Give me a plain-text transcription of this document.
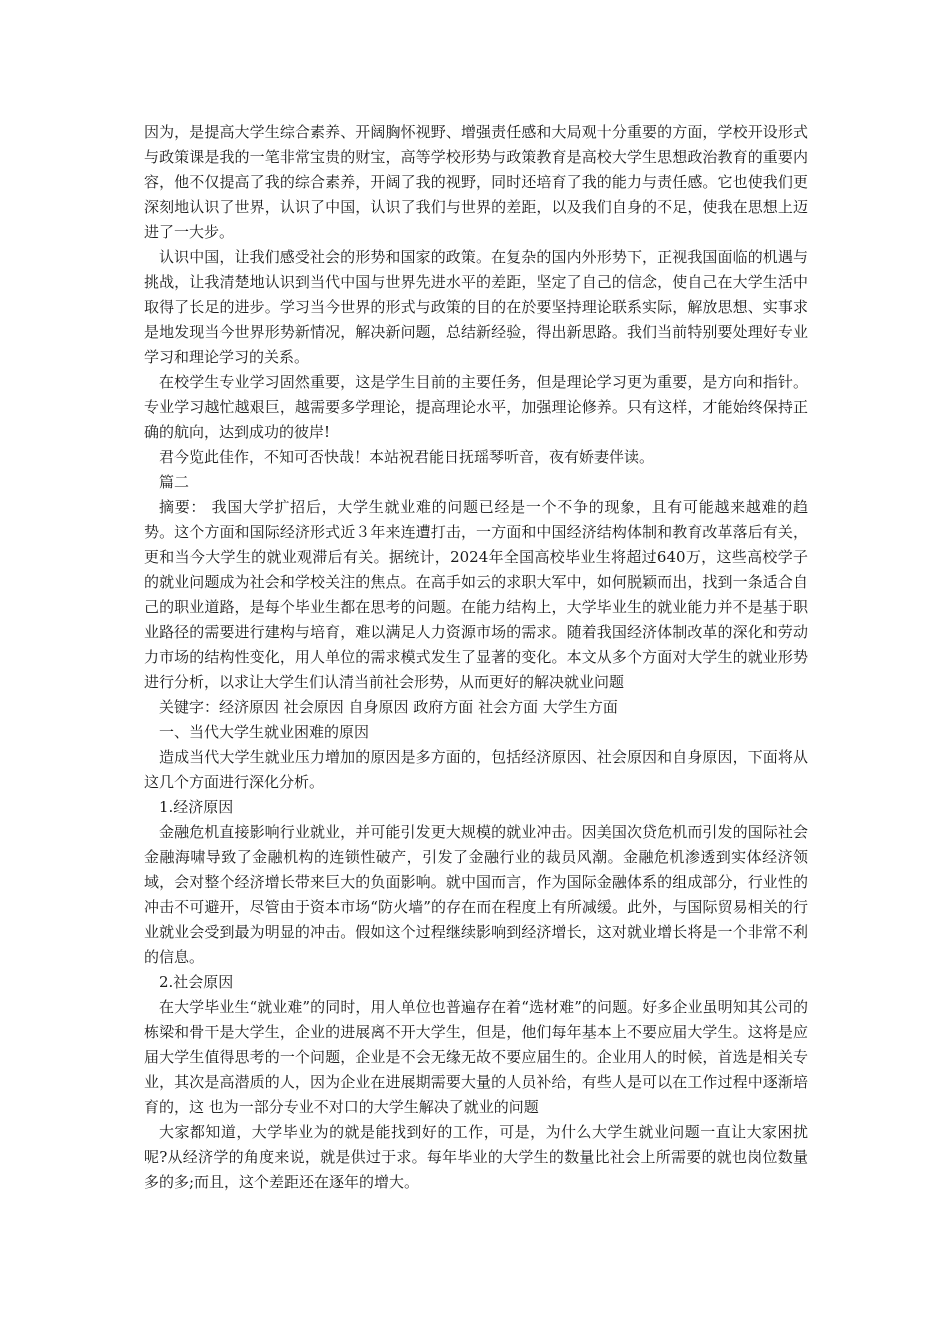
因为，是提高大学生综合素养、开阔胸怀视野、增强责任感和大局观十分重要的方面，学校开设形式与政策课是我的一笔非常宝贵的财宝，高等学校形势与政策教育是高校大学生思想政治教育的重要内容，他不仅提高了我的综合素养，开阔了我的视野，同时还培育了我的能力与责任感。它也使我们更深刻地认识了世界，认识了中国，认识了我们与世界的差距，以及我们自身的不足，使我在思想上迈进了一大步。

认识中国，让我们感受社会的形势和国家的政策。在复杂的国内外形势下，正视我国面临的机遇与挑战，让我清楚地认识到当代中国与世界先进水平的差距，坚定了自己的信念，使自己在大学生活中取得了长足的进步。学习当今世界的形式与政策的目的在於要坚持理论联系实际，解放思想、实事求是地发现当今世界形势新情况，解决新问题，总结新经验，得出新思路。我们当前特别要处理好专业学习和理论学习的关系。

在校学生专业学习固然重要，这是学生目前的主要任务，但是理论学习更为重要，是方向和指针。专业学习越忙越艰巨，越需要多学理论，提高理论水平，加强理论修养。只有这样，才能始终保持正确的航向，达到成功的彼岸!

君今览此佳作，不知可否快哉！本站祝君能日抚瑶琴听音，夜有娇妻伴读。

篇二

摘要： 我国大学扩招后，大学生就业难的问题已经是一个不争的现象，且有可能越来越难的趋势。这个方面和国际经济形式近３年来连遭打击，一方面和中国经济结构体制和教育改革落后有关，更和当今大学生的就业观滞后有关。据统计，2024年全国高校毕业生将超过640万，这些高校学子的就业问题成为社会和学校关注的焦点。在高手如云的求职大军中，如何脱颖而出，找到一条适合自己的职业道路，是每个毕业生都在思考的问题。在能力结构上，大学毕业生的就业能力并不是基于职业路径的需要进行建构与培育，难以满足人力资源市场的需求。随着我国经济体制改革的深化和劳动力市场的结构性变化，用人单位的需求模式发生了显著的变化。本文从多个方面对大学生的就业形势进行分析，以求让大学生们认清当前社会形势，从而更好的解决就业问题

关键字：经济原因 社会原因 自身原因 政府方面 社会方面 大学生方面

一、当代大学生就业困难的原因

造成当代大学生就业压力增加的原因是多方面的，包括经济原因、社会原因和自身原因，下面将从这几个方面进行深化分析。

1.经济原因

金融危机直接影响行业就业，并可能引发更大规模的就业冲击。因美国次贷危机而引发的国际社会金融海啸导致了金融机构的连锁性破产，引发了金融行业的裁员风潮。金融危机渗透到实体经济领域，会对整个经济增长带来巨大的负面影响。就中国而言，作为国际金融体系的组成部分，行业性的冲击不可避开，尽管由于资本市场“防火墙”的存在而在程度上有所减缓。此外，与国际贸易相关的行业就业会受到最为明显的冲击。假如这个过程继续影响到经济增长，这对就业增长将是一个非常不利的信息。

2.社会原因

在大学毕业生“就业难”的同时，用人单位也普遍存在着“选材难”的问题。好多企业虽明知其公司的栋梁和骨干是大学生，企业的进展离不开大学生，但是，他们每年基本上不要应届大学生。这将是应届大学生值得思考的一个问题，企业是不会无缘无故不要应届生的。企业用人的时候，首选是相关专业，其次是高潜质的人，因为企业在进展期需要大量的人员补给，有些人是可以在工作过程中逐渐培育的，这 也为一部分专业不对口的大学生解决了就业的问题

大家都知道，大学毕业为的就是能找到好的工作，可是，为什么大学生就业问题一直让大家困扰呢?从经济学的角度来说，就是供过于求。每年毕业的大学生的数量比社会上所需要的就也岗位数量多的多;而且，这个差距还在逐年的增大。
